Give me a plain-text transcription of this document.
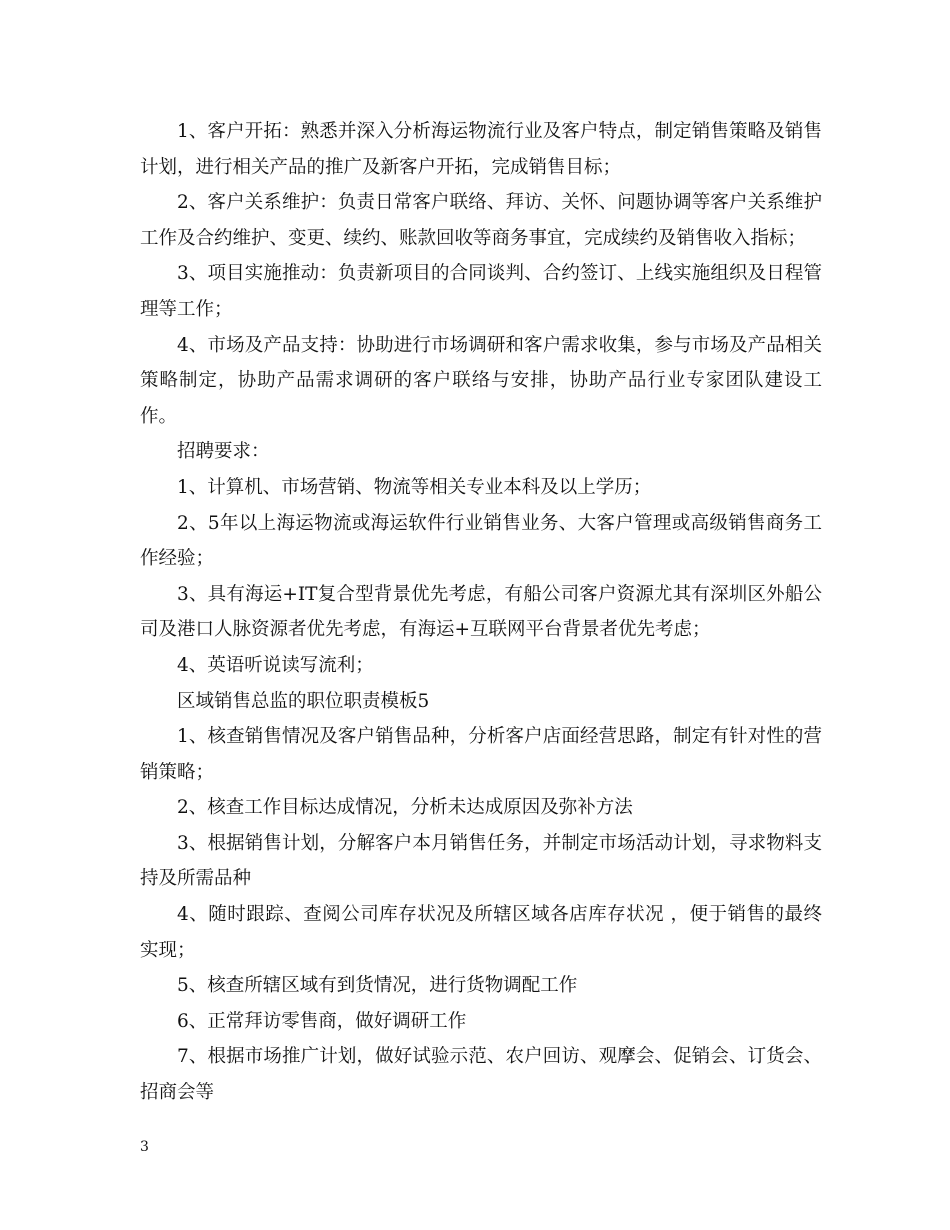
1、客户开拓：熟悉并深入分析海运物流行业及客户特点，制定销售策略及销售计划，进行相关产品的推广及新客户开拓，完成销售目标；

2、客户关系维护：负责日常客户联络、拜访、关怀、问题协调等客户关系维护工作及合约维护、变更、续约、账款回收等商务事宜，完成续约及销售收入指标；

3、项目实施推动：负责新项目的合同谈判、合约签订、上线实施组织及日程管理等工作；

4、市场及产品支持：协助进行市场调研和客户需求收集，参与市场及产品相关策略制定，协助产品需求调研的客户联络与安排，协助产品行业专家团队建设工作。

招聘要求：

1、计算机、市场营销、物流等相关专业本科及以上学历；

2、5年以上海运物流或海运软件行业销售业务、大客户管理或高级销售商务工作经验；

3、具有海运+IT复合型背景优先考虑，有船公司客户资源尤其有深圳区外船公司及港口人脉资源者优先考虑，有海运+互联网平台背景者优先考虑；

4、英语听说读写流利；

区域销售总监的职位职责模板5

1、核查销售情况及客户销售品种，分析客户店面经营思路，制定有针对性的营销策略；

2、核查工作目标达成情况，分析未达成原因及弥补方法

3、根据销售计划，分解客户本月销售任务，并制定市场活动计划，寻求物料支持及所需品种

4、随时跟踪、查阅公司库存状况及所辖区域各店库存状况 ，便于销售的最终实现；

5、核查所辖区域有到货情况，进行货物调配工作

6、正常拜访零售商，做好调研工作

7、根据市场推广计划，做好试验示范、农户回访、观摩会、促销会、订货会、招商会等

3
